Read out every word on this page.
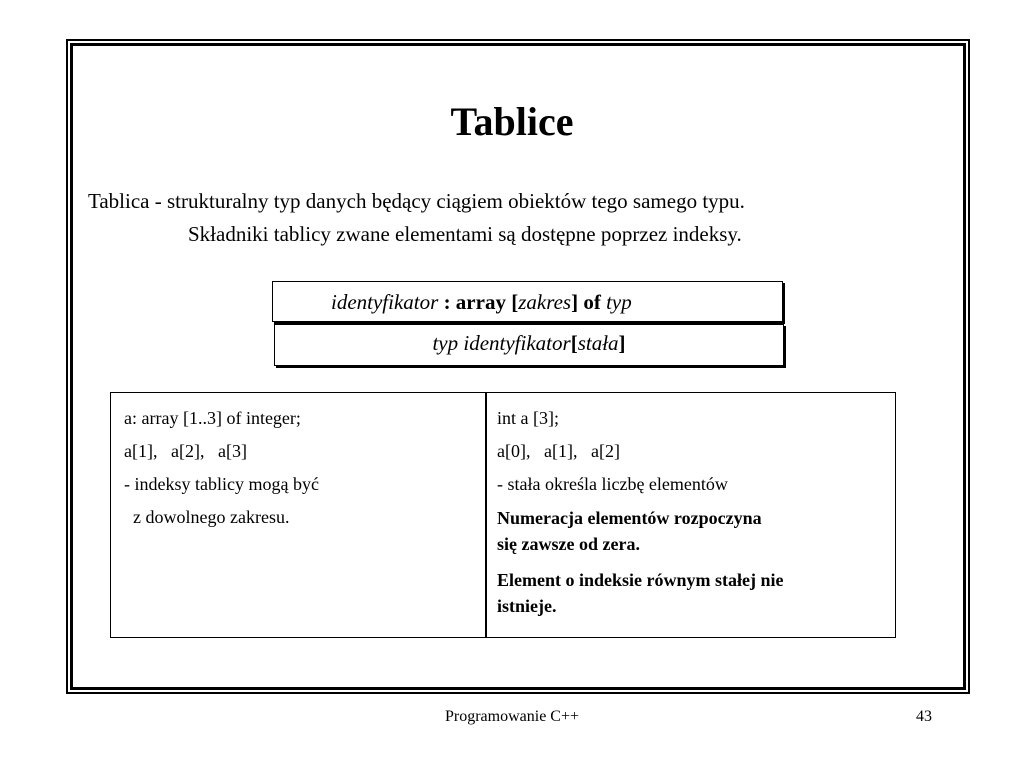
Tablice
Tablica - strukturalny typ danych będący ciągiem obiektów tego samego typu.
Składniki tablicy zwane elementami są dostępne poprzez indeksy.
identyfikator : array [zakres] of typ
typ identyfikator[stała]
a: array [1..3] of integer;
a[1],   a[2],   a[3]
- indeksy tablicy mogą być
z dowolnego zakresu.
int a [3];
a[0],   a[1],   a[2]
- stała określa liczbę elementów
Numeracja elementów rozpoczyna
się zawsze od zera.
Element o indeksie równym stałej nie
istnieje.
Programowanie C++	43
